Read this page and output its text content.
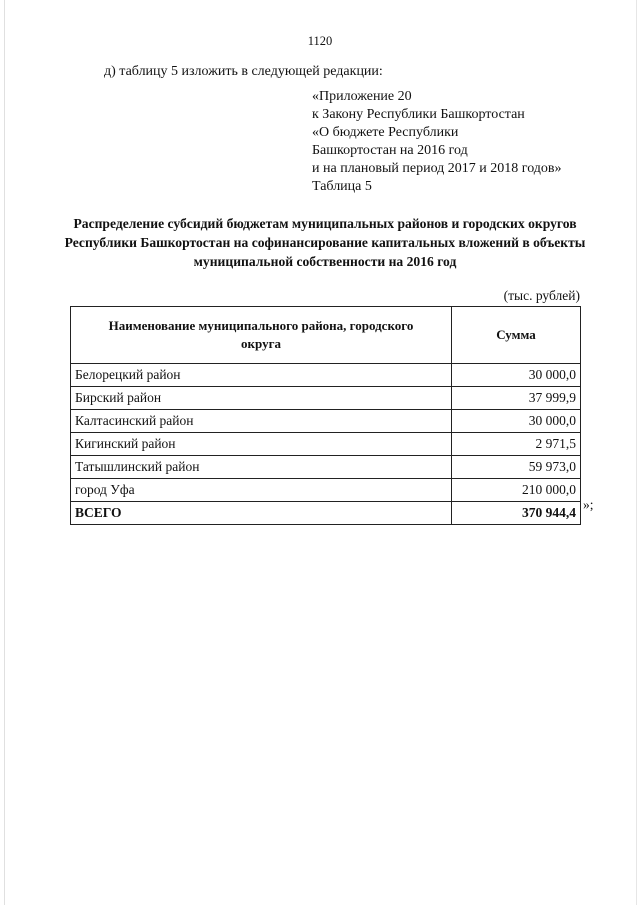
1120
д) таблицу 5 изложить в следующей редакции:
«Приложение 20
к Закону Республики Башкортостан
«О бюджете Республики
Башкортостан на 2016 год
и на плановый период 2017 и 2018 годов»
Таблица 5
Распределение субсидий бюджетам муниципальных районов и городских округов Республики Башкортостан на софинансирование капитальных вложений в объекты муниципальной собственности на 2016 год
(тыс. рублей)
Наименование муниципального района, городского округа	Сумма
Белорецкий район	30 000,0
Бирский район	37 999,9
Калтасинский район	30 000,0
Кигинский район	2 971,5
Татышлинский район	59 973,0
город Уфа	210 000,0
ВСЕГО	370 944,4
»;
